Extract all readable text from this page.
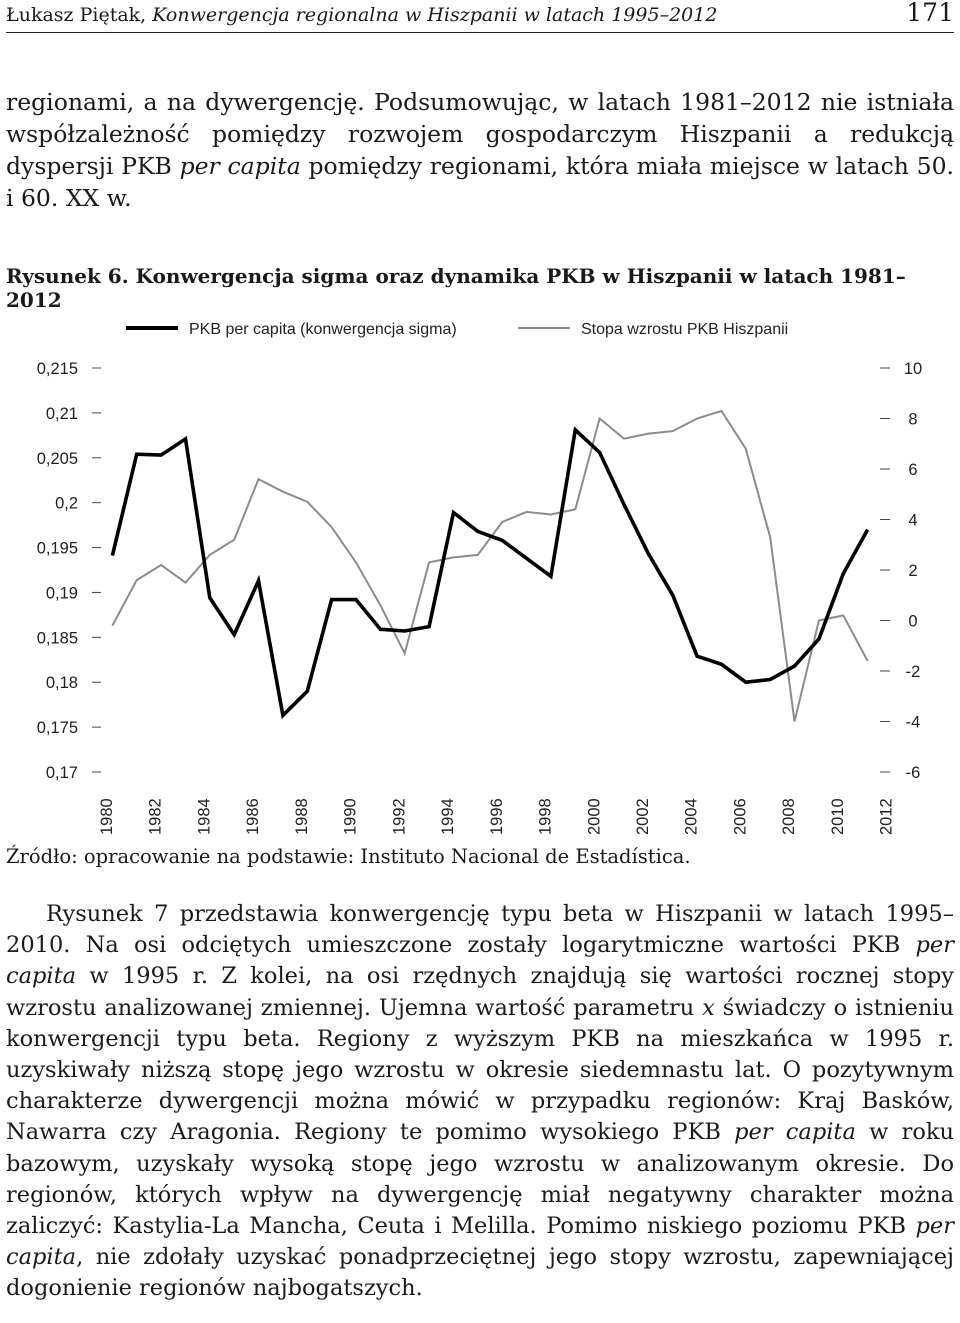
Łukasz Piętak, Konwergencja regionalna w Hiszpanii w latach 1995–2012	171
regionami, a na dywergencję. Podsumowując, w latach 1981–2012 nie istniała współzależność pomiędzy rozwojem gospodarczym Hiszpanii a redukcją dyspersji PKB per capita pomiędzy regionami, która miała miejsce w latach 50. i 60. XX w.
Rysunek 6. Konwergencja sigma oraz dynamika PKB w Hiszpanii w latach 1981–2012
PKB per capita (konwergencja sigma)	Stopa wzrostu PKB Hiszpanii
0,215
0,21
0,205
0,2
0,195
0,19
0,185
0,18
0,175
0,17
10
8
6
4
2
0
-2
-4
-6
1980 1982 1984 1986 1988 1990 1992 1994 1996 1998 2000 2002 2004 2006 2008 2010 2012
Źródło: opracowanie na podstawie: Instituto Nacional de Estadística.
Rysunek 7 przedstawia konwergencję typu beta w Hiszpanii w latach 1995–2010. Na osi odciętych umieszczone zostały logarytmiczne wartości PKB per capita w 1995 r. Z kolei, na osi rzędnych znajdują się wartości rocznej stopy wzrostu analizowanej zmiennej. Ujemna wartość parametru x świadczy o istnieniu konwergencji typu beta. Regiony z wyższym PKB na mieszkańca w 1995 r. uzyskiwały niższą stopę jego wzrostu w okresie siedemnastu lat. O pozytywnym charakterze dywergencji można mówić w przypadku regionów: Kraj Basków, Nawarra czy Aragonia. Regiony te pomimo wysokiego PKB per capita w roku bazowym, uzyskały wysoką stopę jego wzrostu w analizowanym okresie. Do regionów, których wpływ na dywergencję miał negatywny charakter można zaliczyć: Kastylia-La Mancha, Ceuta i Melilla. Pomimo niskiego poziomu PKB per capita, nie zdołały uzyskać ponadprzeciętnej jego stopy wzrostu, zapewniającej dogonienie regionów najbogatszych.
